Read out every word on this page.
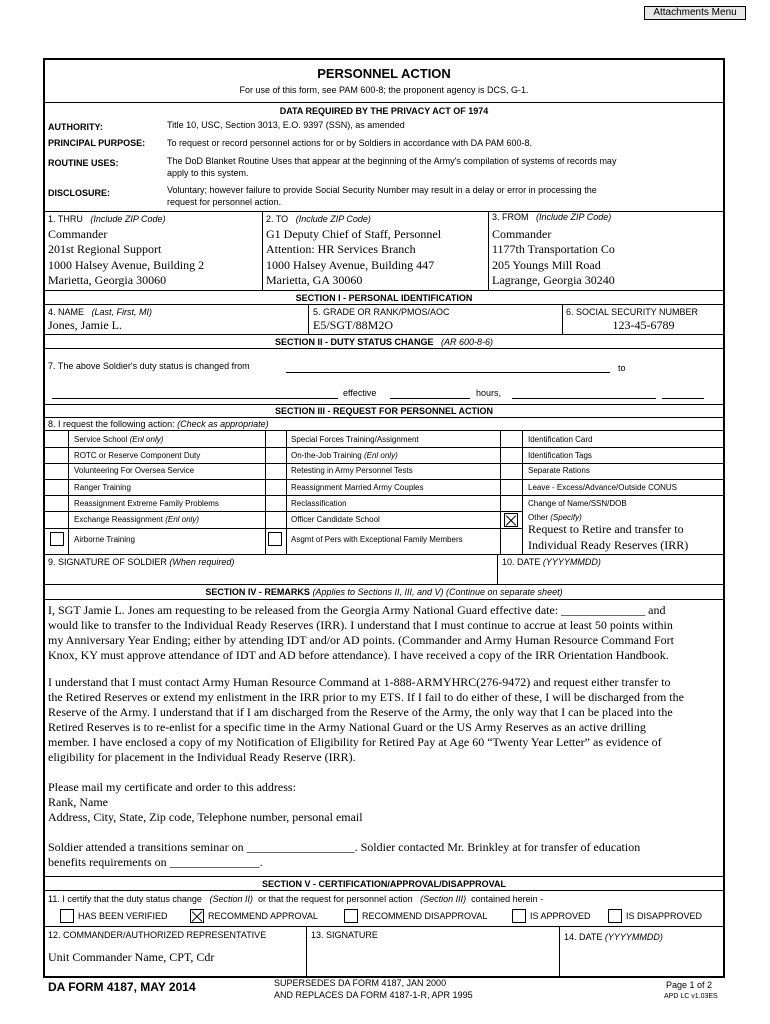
Attachments Menu
PERSONNEL ACTION
For use of this form, see PAM 600-8; the proponent agency is DCS, G-1.
DATA REQUIRED BY THE PRIVACY ACT OF 1974
AUTHORITY:	Title 10, USC, Section 3013, E.O. 9397 (SSN), as amended
PRINCIPAL PURPOSE: To request or record personnel actions for or by Soldiers in accordance with DA PAM 600-8.
ROUTINE USES:	The DoD Blanket Routine Uses that appear at the beginning of the Army's compilation of systems of records may
apply to this system.
DISCLOSURE:	Voluntary; however failure to provide Social Security Number may result in a delay or error in processing the
request for personnel action.
1. THRU (Include ZIP Code)
Commander
201st Regional Support
1000 Halsey Avenue, Building 2
Marietta, Georgia 30060
2. TO (Include ZIP Code)
G1 Deputy Chief of Staff, Personnel
Attention: HR Services Branch
1000 Halsey Avenue, Building 447
Marietta, GA 30060
3. FROM (Include ZIP Code)
Commander
1177th Transportation Co
205 Youngs Mill Road
Lagrange, Georgia 30240
SECTION I - PERSONAL IDENTIFICATION
4. NAME (Last, First, MI)
Jones, Jamie L.
5. GRADE OR RANK/PMOS/AOC
E5/SGT/88M2O
6. SOCIAL SECURITY NUMBER
123-45-6789
SECTION II - DUTY STATUS CHANGE (AR 600-8-6)
7. The above Soldier's duty status is changed from	to
effective	hours,
SECTION III - REQUEST FOR PERSONNEL ACTION
8. I request the following action: (Check as appropriate)
Service School (Enl only)
ROTC or Reserve Component Duty
Volunteering For Oversea Service
Ranger Training
Reassignment Extreme Family Problems
Exchange Reassignment (Enl only)
Airborne Training
Special Forces Training/Assignment
On-the-Job Training (Enl only)
Retesting in Army Personnel Tests
Reassignment Married Army Couples
Reclassification
Officer Candidate School
Asgmt of Pers with Exceptional Family Members
Identification Card
Identification Tags
Separate Rations
Leave - Excess/Advance/Outside CONUS
Change of Name/SSN/DOB
Other (Specify)
Request to Retire and transfer to
Individual Ready Reserves (IRR)
9. SIGNATURE OF SOLDIER (When required)	10. DATE (YYYYMMDD)
SECTION IV - REMARKS (Applies to Sections II, III, and V) (Continue on separate sheet)
I, SGT Jamie L. Jones am requesting to be released from the Georgia Army National Guard effective date: ______________ and
would like to transfer to the Individual Ready Reserves (IRR). I understand that I must continue to accrue at least 50 points within
my Anniversary Year Ending; either by attending IDT and/or AD points. (Commander and Army Human Resource Command Fort
Knox, KY must approve attendance of IDT and AD before attendance). I have received a copy of the IRR Orientation Handbook.
I understand that I must contact Army Human Resource Command at 1-888-ARMYHRC(276-9472) and request either transfer to
the Retired Reserves or extend my enlistment in the IRR prior to my ETS. If I fail to do either of these, I will be discharged from the
Reserve of the Army. I understand that if I am discharged from the Reserve of the Army, the only way that I can be placed into the
Retired Reserves is to re-enlist for a specific time in the Army National Guard or the US Army Reserves as an active drilling
member. I have enclosed a copy of my Notification of Eligibility for Retired Pay at Age 60 “Twenty Year Letter” as evidence of
eligibility for placement in the Individual Ready Reserve (IRR).
Please mail my certificate and order to this address:
Rank, Name
Address, City, State, Zip code, Telephone number, personal email
Soldier attended a transitions seminar on __________________. Soldier contacted Mr. Brinkley at for transfer of education
benefits requirements on _______________.
SECTION V - CERTIFICATION/APPROVAL/DISAPPROVAL
11. I certify that the duty status change (Section II) or that the request for personnel action (Section III) contained herein -
HAS BEEN VERIFIED	RECOMMEND APPROVAL	RECOMMEND DISAPPROVAL	IS APPROVED	IS DISAPPROVED
12. COMMANDER/AUTHORIZED REPRESENTATIVE
Unit Commander Name, CPT, Cdr
13. SIGNATURE	14. DATE (YYYYMMDD)
DA FORM 4187, MAY 2014	SUPERSEDES DA FORM 4187, JAN 2000
AND REPLACES DA FORM 4187-1-R, APR 1995
Page 1 of 2
APD LC v1.03ES
